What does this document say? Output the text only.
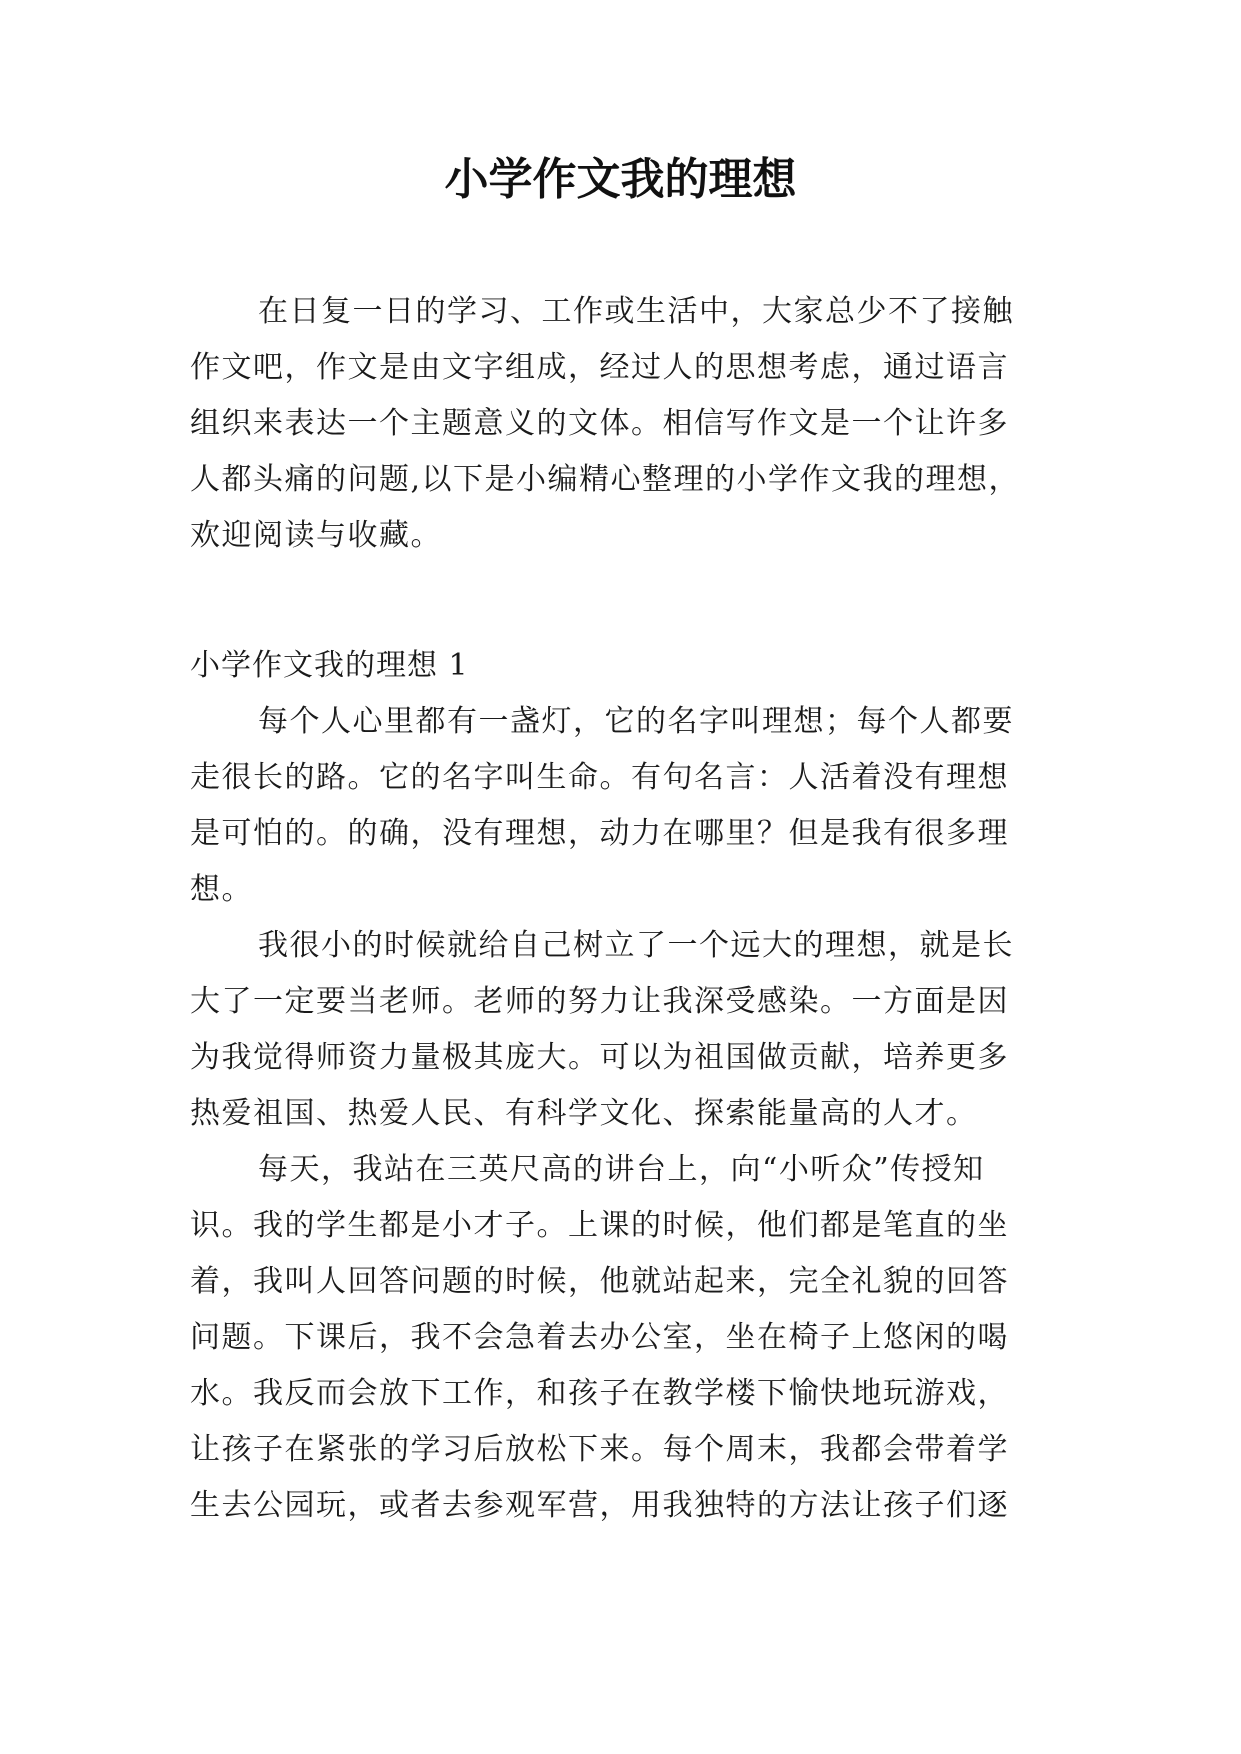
小学作文我的理想
在日复一日的学习、工作或生活中，大家总少不了接触
作文吧，作文是由文字组成，经过人的思想考虑，通过语言
组织来表达一个主题意义的文体。相信写作文是一个让许多
人都头痛的问题,以下是小编精心整理的小学作文我的理想，
欢迎阅读与收藏。

小学作文我的理想 1

每个人心里都有一盏灯，它的名字叫理想；每个人都要
走很长的路。它的名字叫生命。有句名言：人活着没有理想
是可怕的。的确，没有理想，动力在哪里？但是我有很多理
想。
我很小的时候就给自己树立了一个远大的理想，就是长
大了一定要当老师。老师的努力让我深受感染。一方面是因
为我觉得师资力量极其庞大。可以为祖国做贡献，培养更多
热爱祖国、热爱人民、有科学文化、探索能量高的人才。
每天，我站在三英尺高的讲台上，向“小听众”传授知
识。我的学生都是小才子。上课的时候，他们都是笔直的坐
着，我叫人回答问题的时候，他就站起来，完全礼貌的回答
问题。下课后，我不会急着去办公室，坐在椅子上悠闲的喝
水。我反而会放下工作，和孩子在教学楼下愉快地玩游戏，
让孩子在紧张的学习后放松下来。每个周末，我都会带着学
生去公园玩，或者去参观军营，用我独特的方法让孩子们逐
